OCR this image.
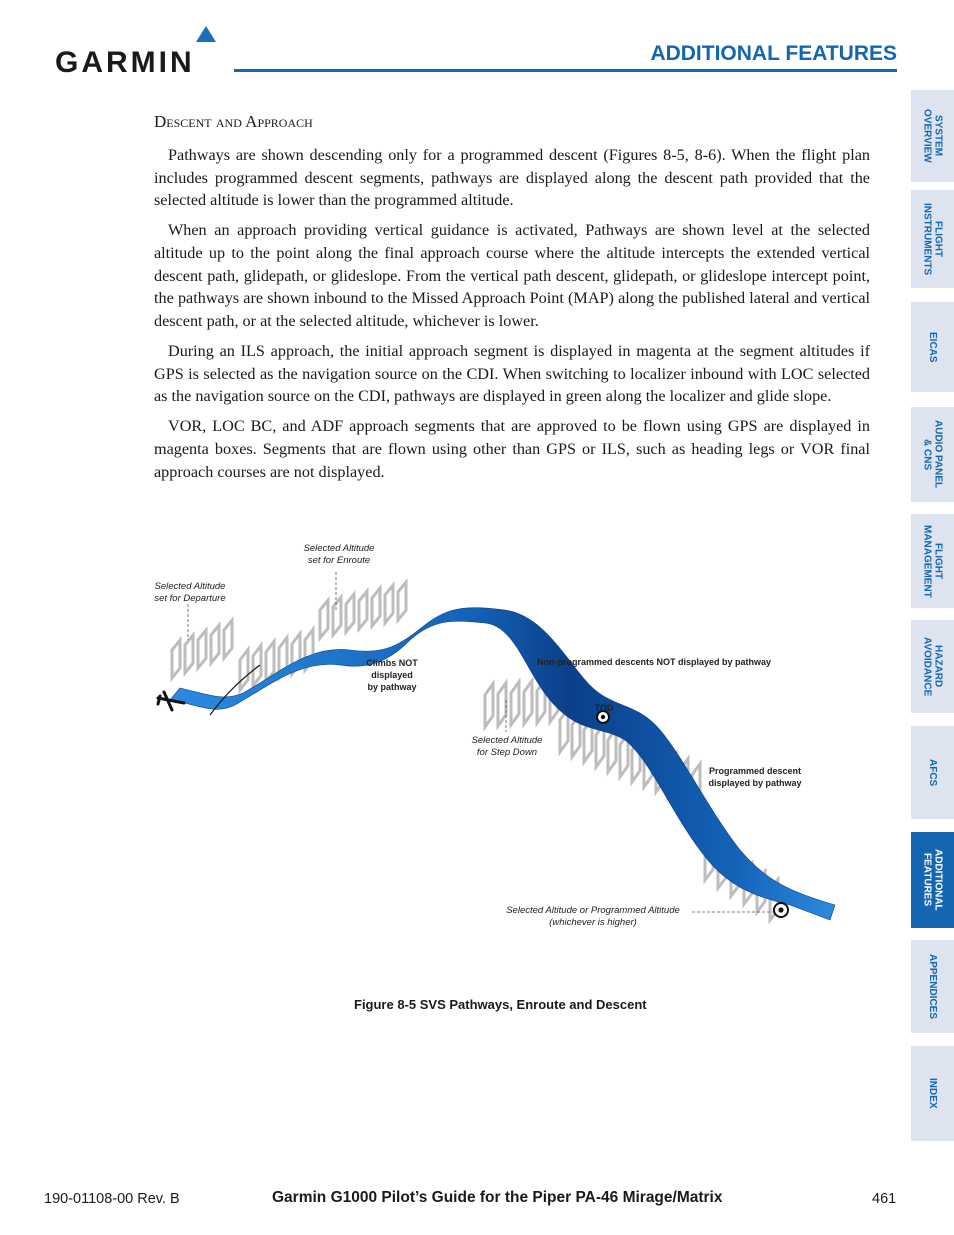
GARMIN	ADDITIONAL FEATURES
Descent and Approach

Pathways are shown descending only for a programmed descent (Figures 8-5, 8-6). When the flight plan includes programmed descent segments, pathways are displayed along the descent path provided that the selected altitude is lower than the programmed altitude.

When an approach providing vertical guidance is activated, Pathways are shown level at the selected altitude up to the point along the final approach course where the altitude intercepts the extended vertical descent path, glidepath, or glideslope. From the vertical path descent, glidepath, or glideslope intercept point, the pathways are shown inbound to the Missed Approach Point (MAP) along the published lateral and vertical descent path, or at the selected altitude, whichever is lower.

During an ILS approach, the initial approach segment is displayed in magenta at the segment altitudes if GPS is selected as the navigation source on the CDI. When switching to localizer inbound with LOC selected as the navigation source on the CDI, pathways are displayed in green along the localizer and glide slope.

VOR, LOC BC, and ADF approach segments that are approved to be flown using GPS are displayed in magenta boxes. Segments that are flown using other than GPS or ILS, such as heading legs or VOR final approach courses are not displayed.

SYSTEM
OVERVIEW
FLIGHT
INSTRUMENTS
EICAS
AUDIO PANEL
& CNS
FLIGHT
MANAGEMENT
HAZARD
AVOIDANCE
AFCS
ADDITIONAL
FEATURES
APPENDICES
INDEX
Selected Altitude
set for Departure
Selected Altitude
set for Enroute
Climbs NOT
displayed
by pathway
Non-programmed descents NOT displayed by pathway
TOD
Selected Altitude
for Step Down
Programmed descent
displayed by pathway
Selected Altitude or Programmed Altitude
(whichever is higher)
Figure 8-5 SVS Pathways, Enroute and Descent
190-01108-00 Rev. B	Garmin G1000 Pilot’s Guide for the Piper PA-46 Mirage/Matrix	461
